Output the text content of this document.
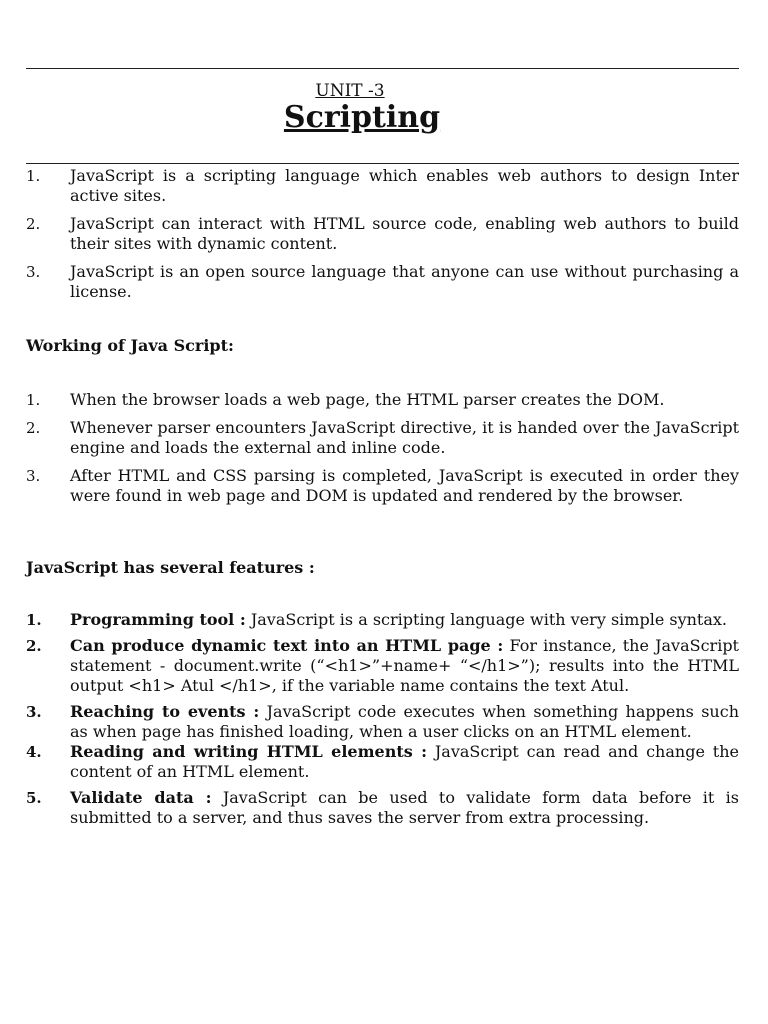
UNIT -3
Scripting
1. JavaScript is a scripting language which enables web authors to design Inter active sites.
2. JavaScript can interact with HTML source code, enabling web authors to build their sites with dynamic content.
3. JavaScript is an open source language that anyone can use without purchasing a license.
Working of Java Script:
1. When the browser loads a web page, the HTML parser creates the DOM.
2. Whenever parser encounters JavaScript directive, it is handed over the JavaScript engine and loads the external and inline code.
3. After HTML and CSS parsing is completed, JavaScript is executed in order they were found in web page and DOM is updated and rendered by the browser.
JavaScript has several features :
1. Programming tool : JavaScript is a scripting language with very simple syntax.
2. Can produce dynamic text into an HTML page : For instance, the JavaScript statement - document.write (“<h1>”+name+ “</h1>”); results into the HTML output <h1> Atul </h1>, if the variable name contains the text Atul.
3. Reaching to events : JavaScript code executes when something happens such as when page has finished loading, when a user clicks on an HTML element.
4. Reading and writing HTML elements : JavaScript can read and change the content of an HTML element.
5. Validate data : JavaScript can be used to validate form data before it is submitted to a server, and thus saves the server from extra processing.
